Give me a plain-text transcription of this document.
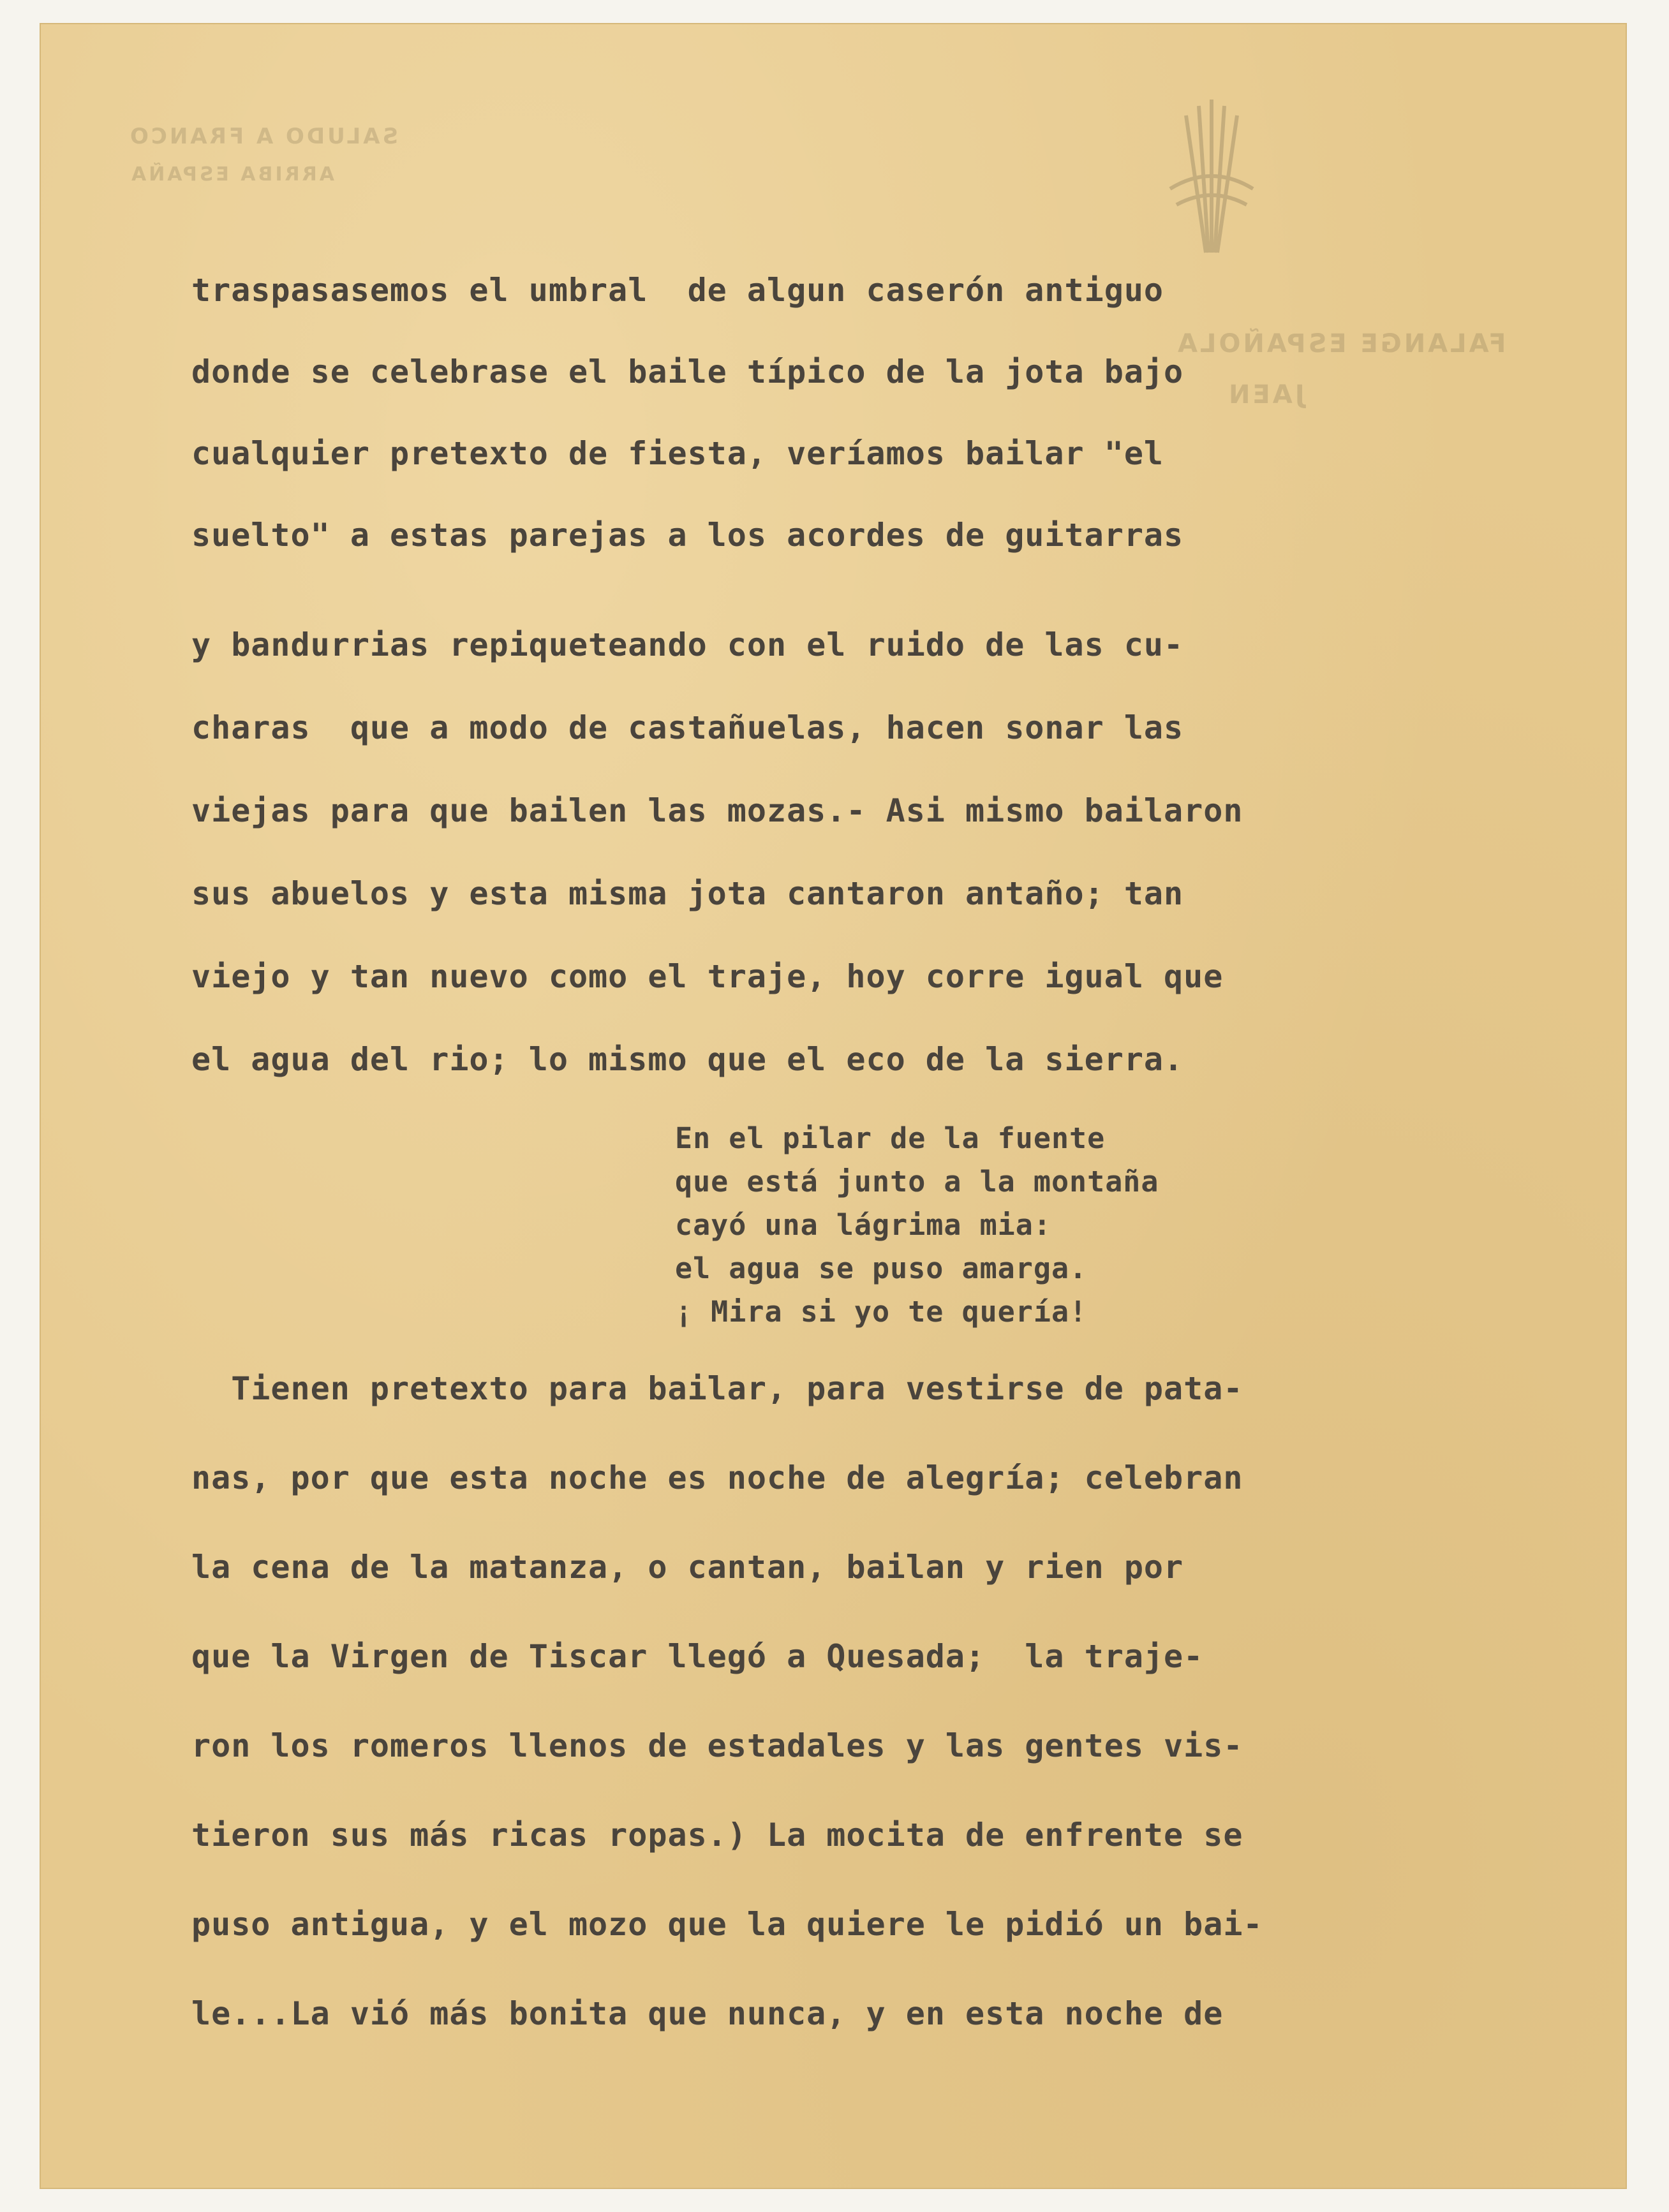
SALUDO A FRANCO
ARRIBA ESPAÑA
FALANGE ESPAÑOLA
JAEN
traspasasemos el umbral  de algun caserón antiguo
donde se celebrase el baile típico de la jota bajo
cualquier pretexto de fiesta, veríamos bailar "el
suelto" a estas parejas a los acordes de guitarras
y bandurrias repiqueteando con el ruido de las cu-
charas  que a modo de castañuelas, hacen sonar las
viejas para que bailen las mozas.- Asi mismo bailaron
sus abuelos y esta misma jota cantaron antaño; tan
viejo y tan nuevo como el traje, hoy corre igual que
el agua del rio; lo mismo que el eco de la sierra.
En el pilar de la fuente
que está junto a la montaña
cayó una lágrima mia:
el agua se puso amarga.
¡ Mira si yo te quería!
Tienen pretexto para bailar, para vestirse de pata-
nas, por que esta noche es noche de alegría; celebran
la cena de la matanza, o cantan, bailan y rien por
que la Virgen de Tiscar llegó a Quesada;  la traje-
ron los romeros llenos de estadales y las gentes vis-
tieron sus más ricas ropas.) La mocita de enfrente se
puso antigua, y el mozo que la quiere le pidió un bai-
le...La vió más bonita que nunca, y en esta noche de
